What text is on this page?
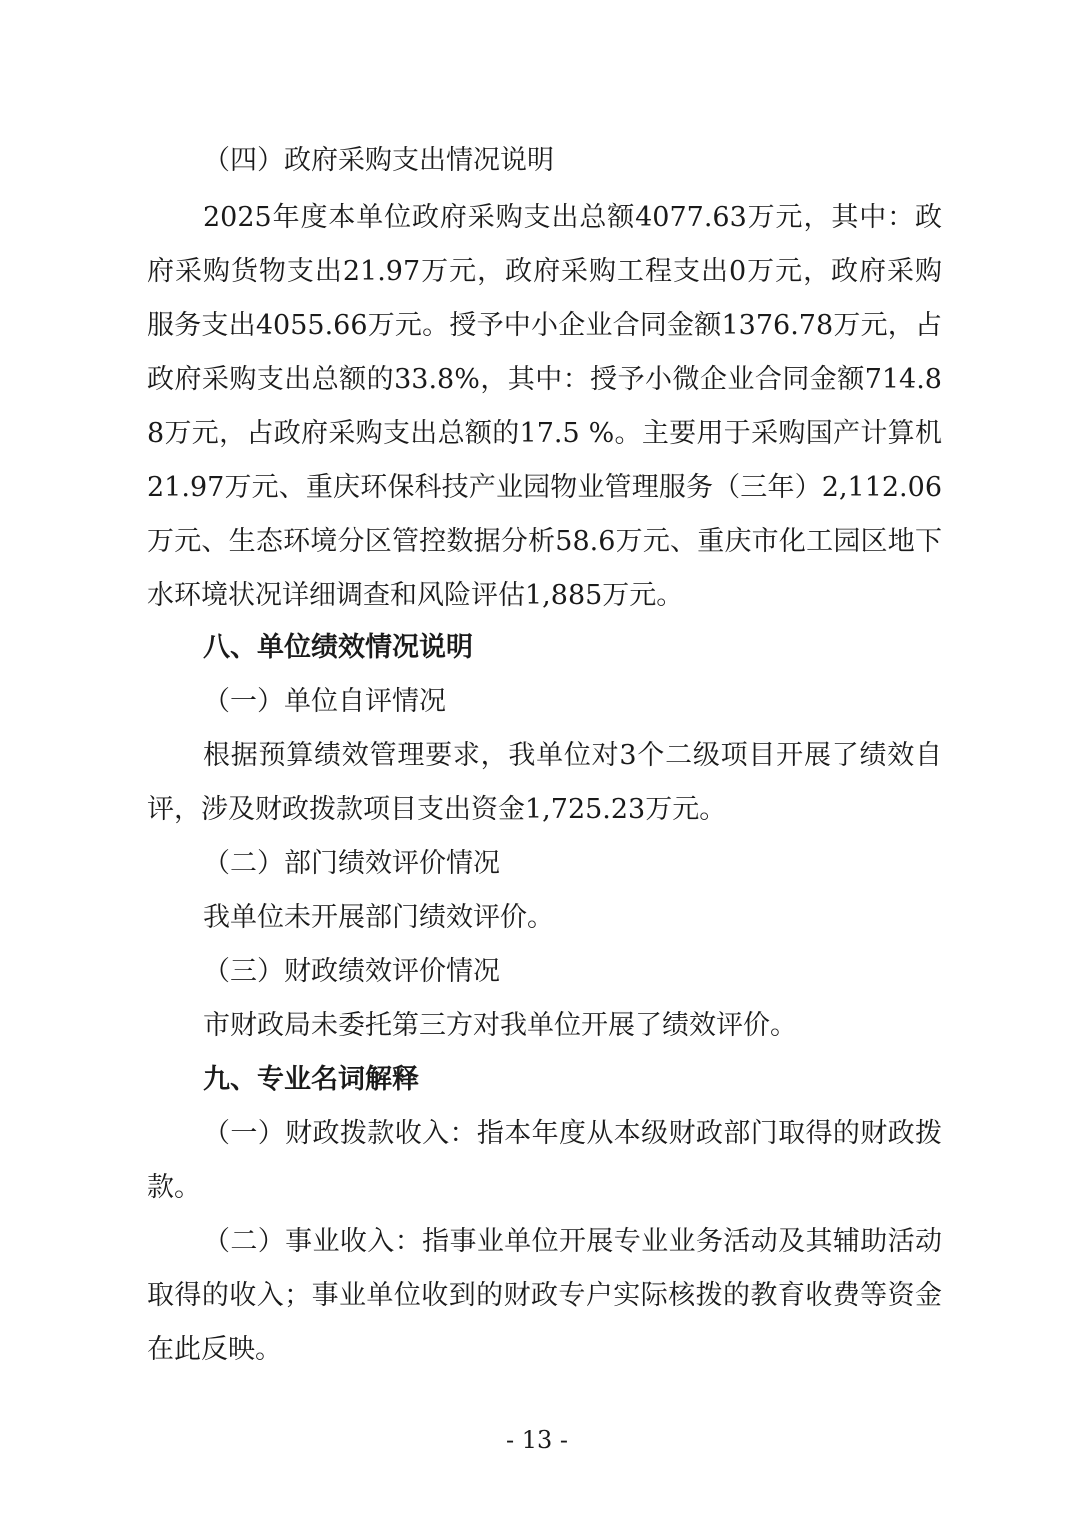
（四）政府采购支出情况说明

2025年度本单位政府采购支出总额4077.63万元，其中：政府采购货物支出21.97万元，政府采购工程支出0万元，政府采购服务支出4055.66万元。授予中小企业合同金额1376.78万元，占政府采购支出总额的33.8%，其中：授予小微企业合同金额714.88万元，占政府采购支出总额的17.5 %。主要用于采购国产计算机21.97万元、重庆环保科技产业园物业管理服务（三年）2,112.06万元、生态环境分区管控数据分析58.6万元、重庆市化工园区地下水环境状况详细调查和风险评估1,885万元。

八、单位绩效情况说明

（一）单位自评情况

根据预算绩效管理要求，我单位对3个二级项目开展了绩效自评，涉及财政拨款项目支出资金1,725.23万元。

（二）部门绩效评价情况

我单位未开展部门绩效评价。

（三）财政绩效评价情况

市财政局未委托第三方对我单位开展了绩效评价。

九、专业名词解释

（一）财政拨款收入：指本年度从本级财政部门取得的财政拨款。

（二）事业收入：指事业单位开展专业业务活动及其辅助活动取得的收入；事业单位收到的财政专户实际核拨的教育收费等资金在此反映。

- 13 -
